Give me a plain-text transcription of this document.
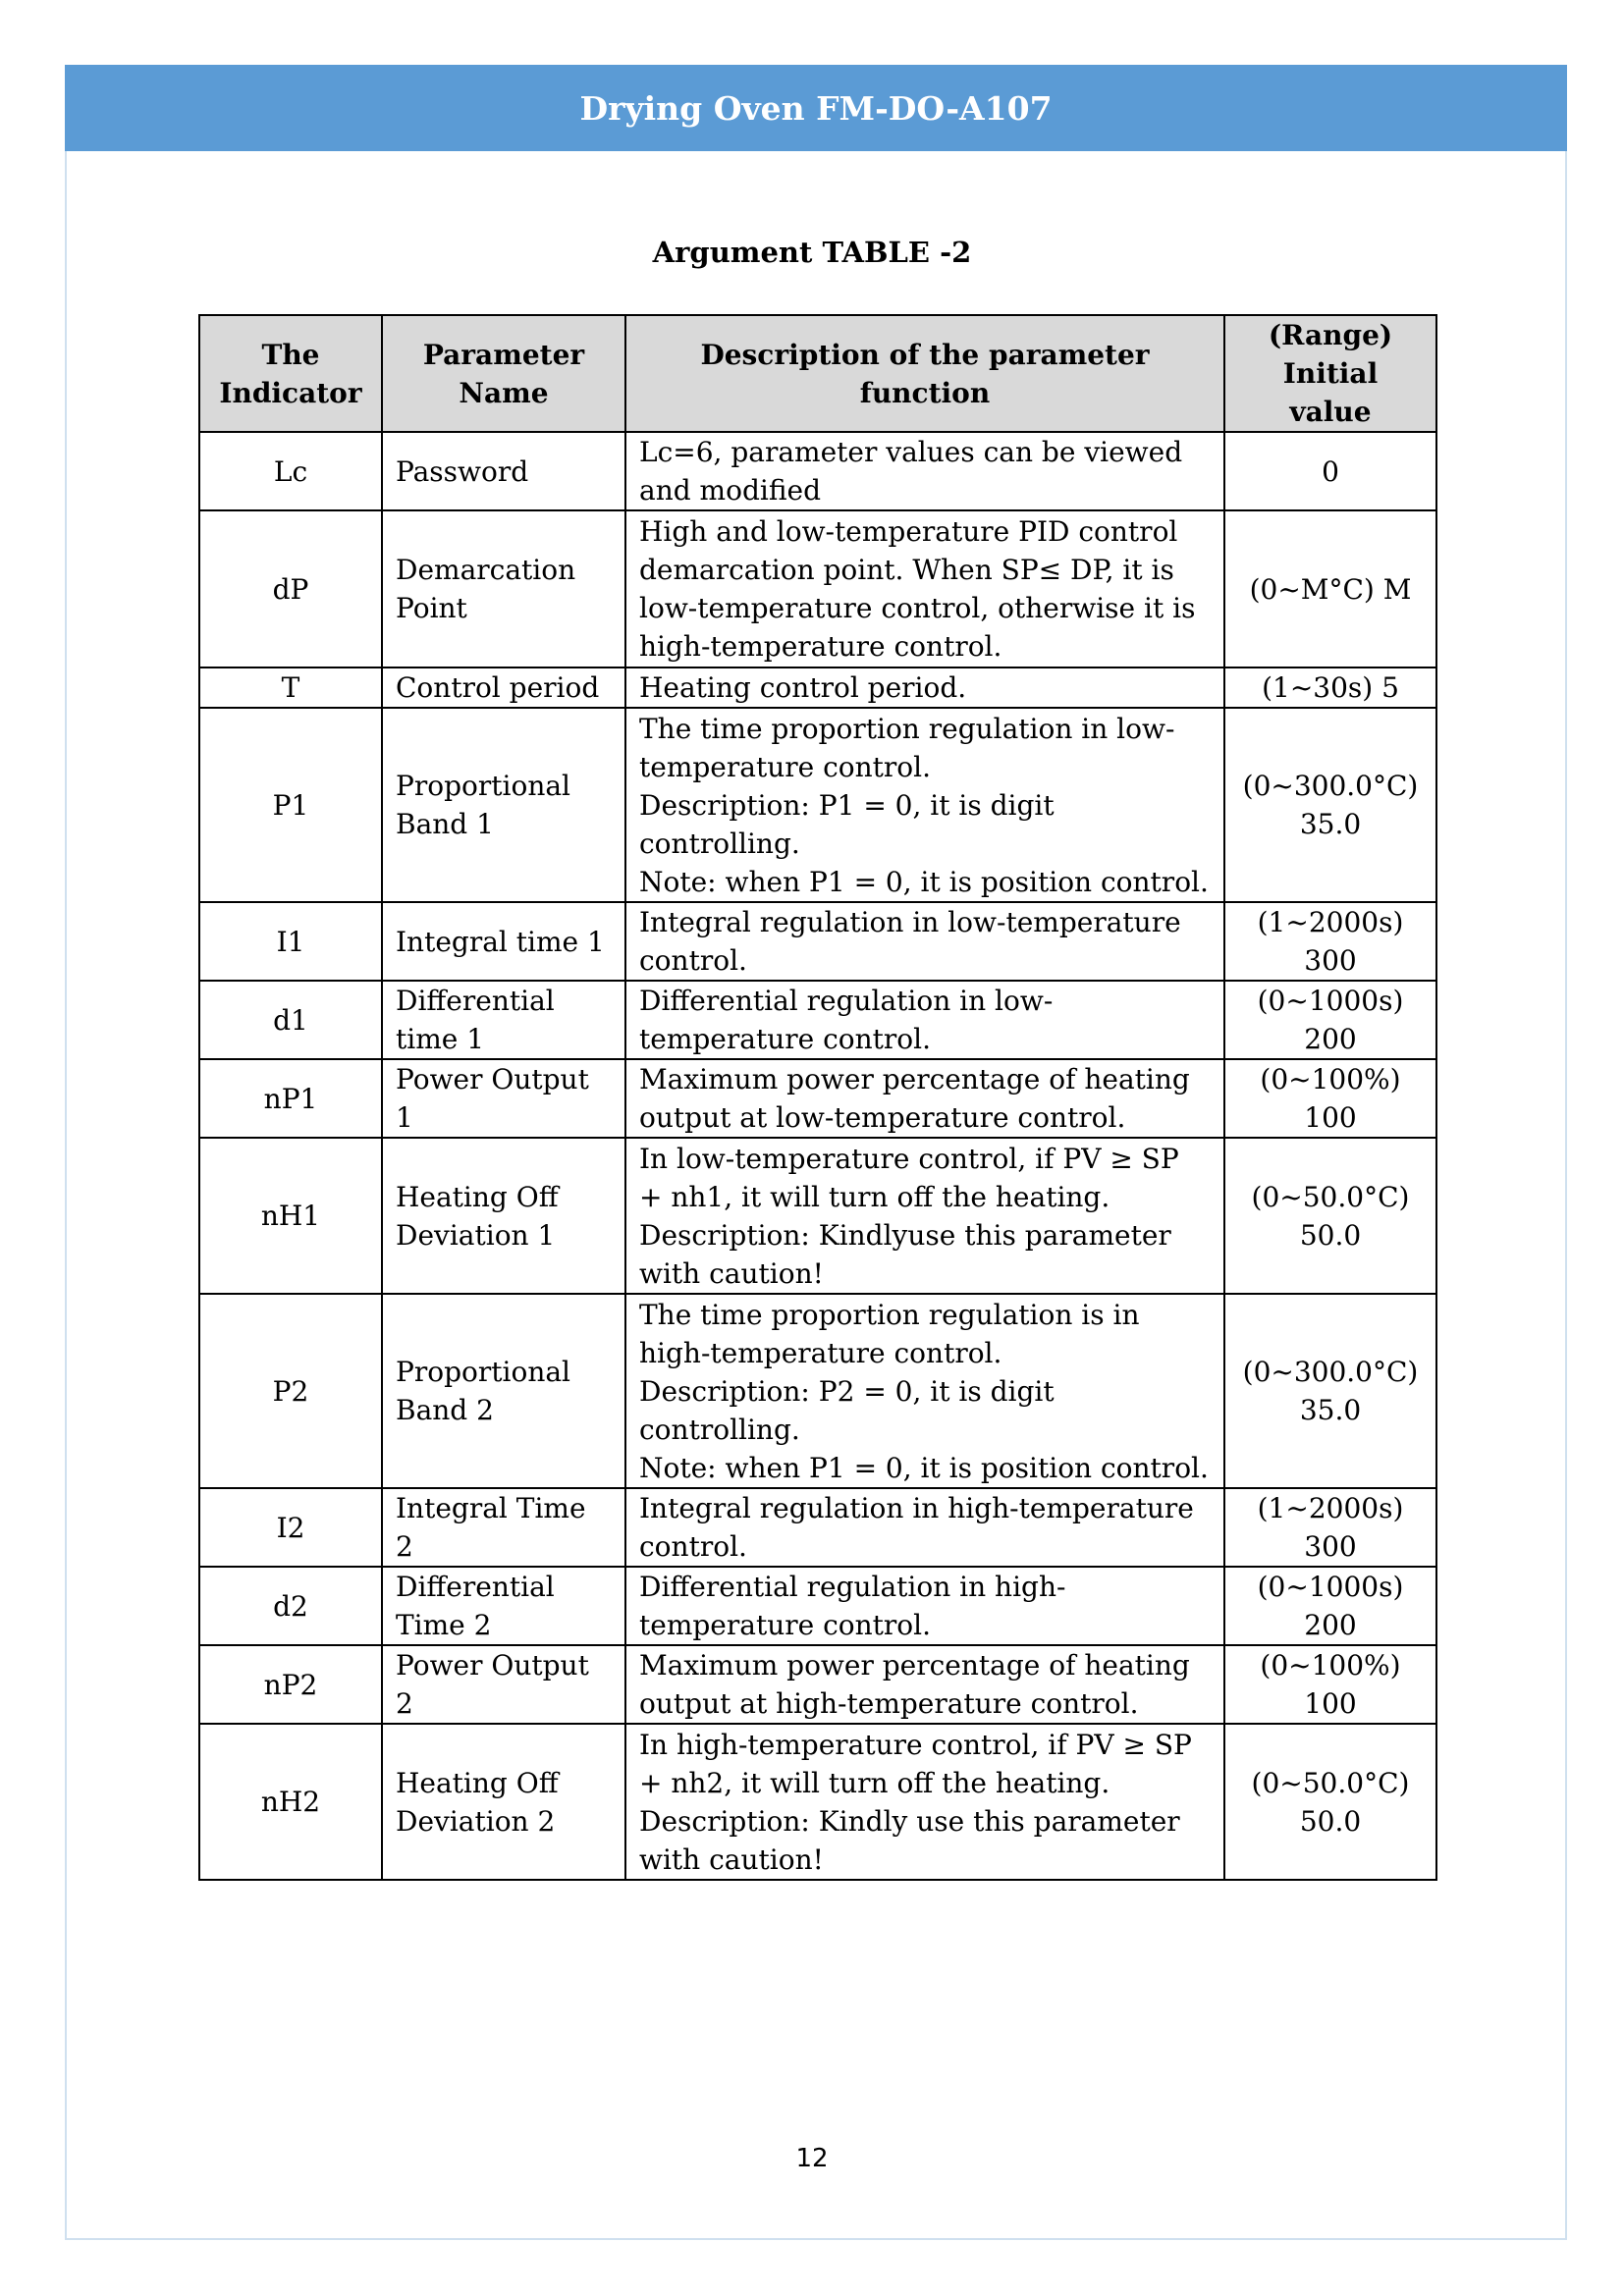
Drying Oven FM-DO-A107
Argument TABLE -2
The Indicator	Parameter Name	Description of the parameter function	(Range) Initial value
Lc	Password	Lc=6, parameter values can be viewed and modified	0
dP	Demarcation Point	High and low-temperature PID control demarcation point. When SP≤ DP, it is low-temperature control, otherwise it is high-temperature control.	(0~M°C) M
T	Control period	Heating control period.	(1~30s) 5
P1	Proportional Band 1	The time proportion regulation in low-temperature control.
Description: P1 = 0, it is digit controlling.
Note: when P1 = 0, it is position control.	(0~300.0°C) 35.0
I1	Integral time 1	Integral regulation in low-temperature control.	(1~2000s) 300
d1	Differential time 1	Differential regulation in low-temperature control.	(0~1000s) 200
nP1	Power Output 1	Maximum power percentage of heating output at low-temperature control.	(0~100%) 100
nH1	Heating Off Deviation 1	In low-temperature control, if PV ≥ SP + nh1, it will turn off the heating.
Description: Kindlyuse this parameter with caution!	(0~50.0°C) 50.0
P2	Proportional Band 2	The time proportion regulation is in high-temperature control.
Description: P2 = 0, it is digit controlling.
Note: when P1 = 0, it is position control.	(0~300.0°C) 35.0
I2	Integral Time 2	Integral regulation in high-temperature control.	(1~2000s) 300
d2	Differential Time 2	Differential regulation in high-temperature control.	(0~1000s) 200
nP2	Power Output 2	Maximum power percentage of heating output at high-temperature control.	(0~100%) 100
nH2	Heating Off Deviation 2	In high-temperature control, if PV ≥ SP + nh2, it will turn off the heating.
Description: Kindly use this parameter with caution!	(0~50.0°C) 50.0
12
